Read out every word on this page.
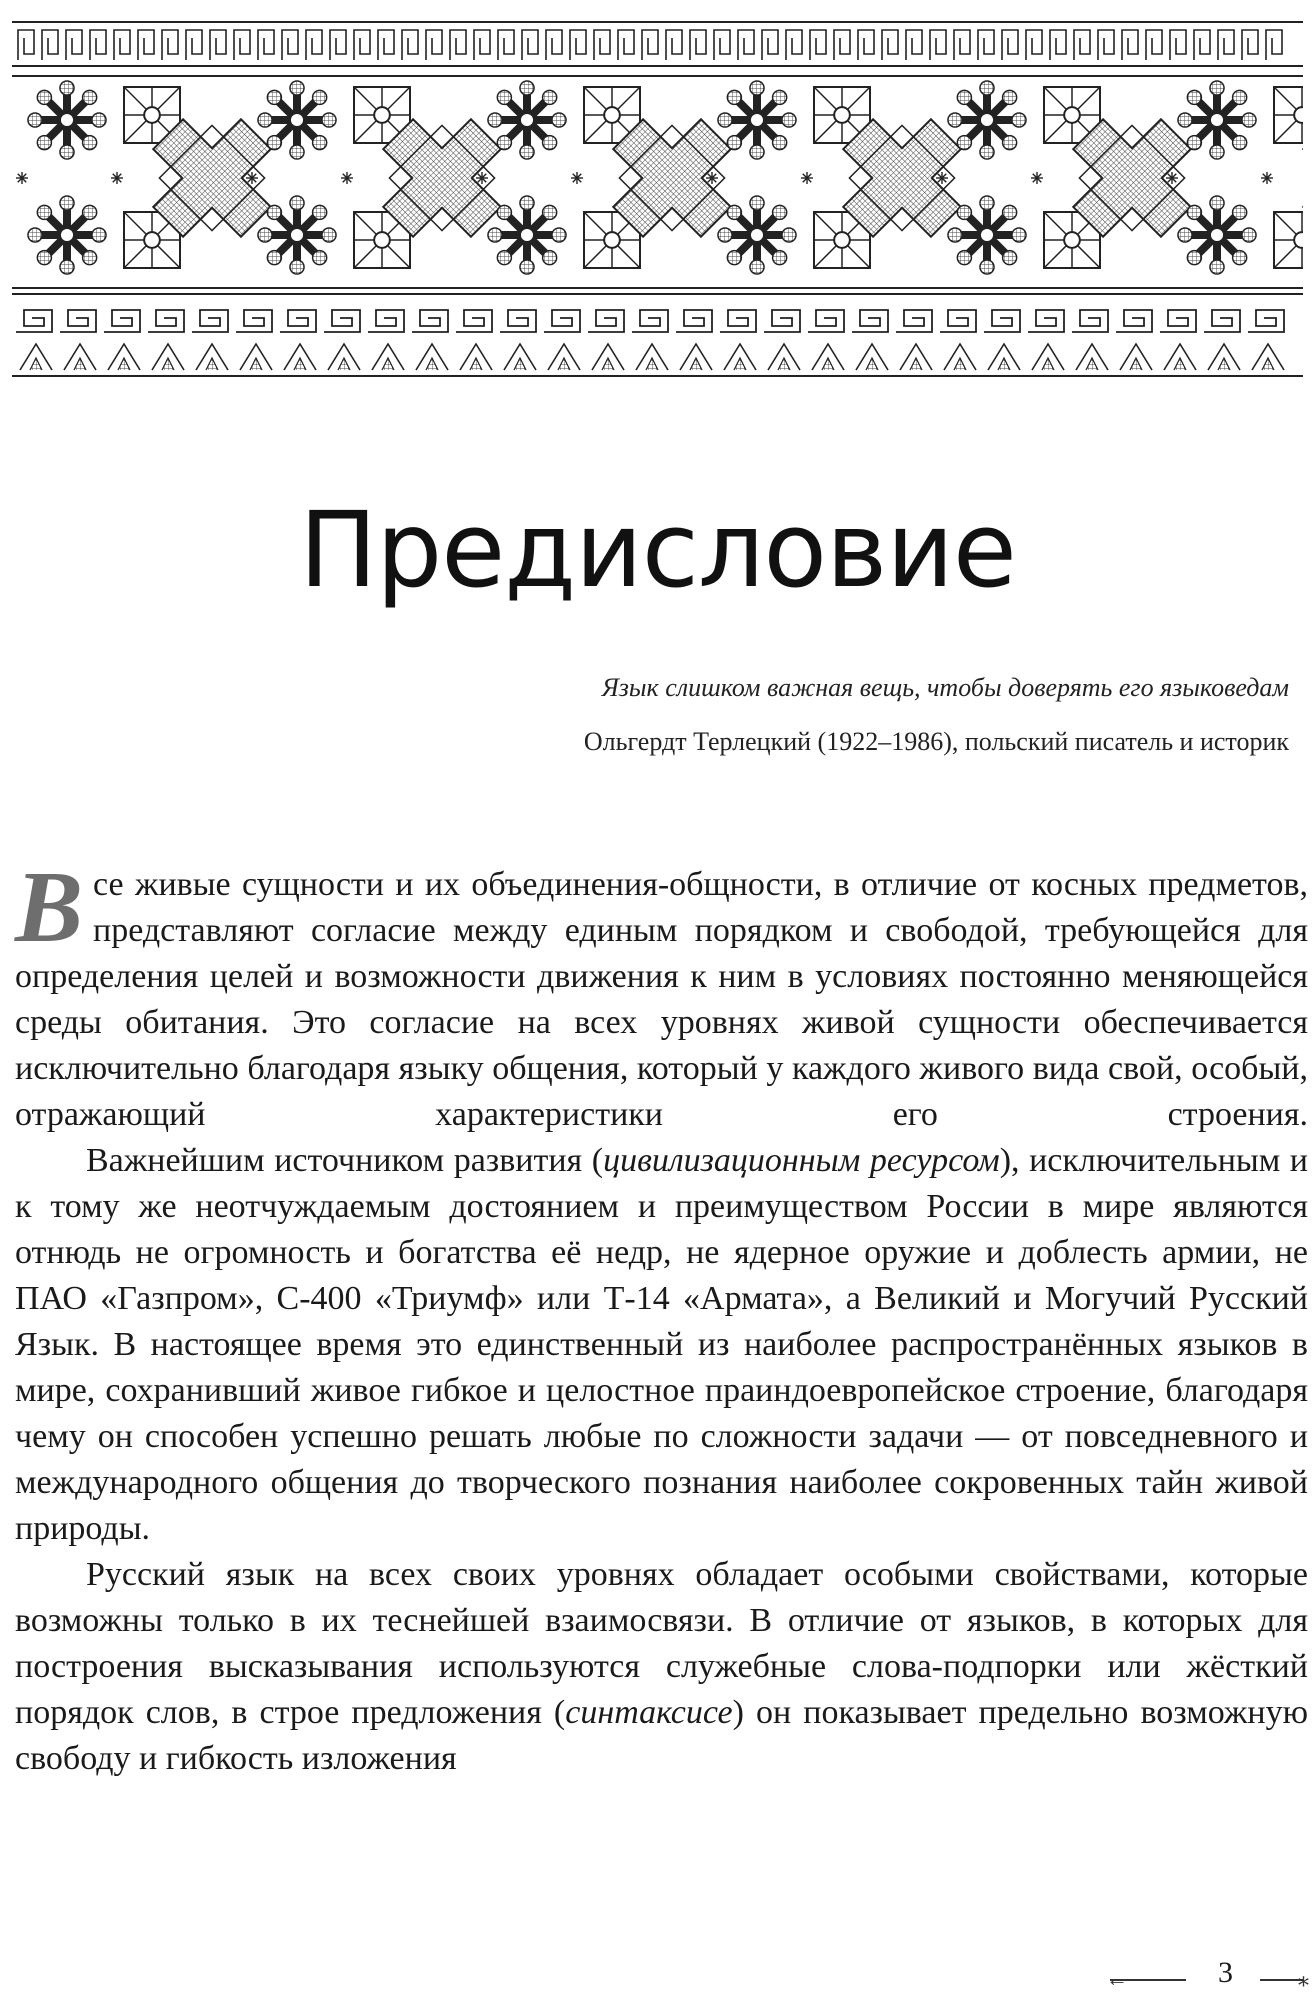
Предисловие

Язык слишком важная вещь, чтобы доверять его языковедам

Ольгердт Терлецкий (1922–1986), польский писатель и историк

Все живые сущности и их объединения-общности, в отличие от косных предметов, представляют согласие между единым порядком и свободой, требующейся для определения целей и возможности движения к ним в условиях постоянно меняющейся среды обитания. Это согласие на всех уровнях живой сущности обеспечивается исключительно благодаря языку общения, который у каждого живого вида свой, особый, отражающий характеристики его строения.

Важнейшим источником развития (цивилизационным ресурсом), исключительным и к тому же неотчуждаемым достоянием и преимуществом России в мире являются отнюдь не огромность и богатства её недр, не ядерное оружие и доблесть армии, не ПАО «Газпром», С-400 «Триумф» или Т-14 «Армата», а Великий и Могучий Русский Язык. В настоящее время это единственный из наиболее распространённых языков в мире, сохранивший живое гибкое и целостное праиндоевропейское строение, благодаря чему он способен успешно решать любые по сложности задачи — от повседневного и международного общения до творческого познания наиболее сокровенных тайн живой природы.

Русский язык на всех своих уровнях обладает особыми свойствами, которые возможны только в их теснейшей взаимосвязи. В отличие от языков, в которых для построения высказывания используются служебные слова-подпорки или жёсткий порядок слов, в строе предложения (синтаксисе) он показывает предельно возможную свободу и гибкость изложения

←	3	⁎
